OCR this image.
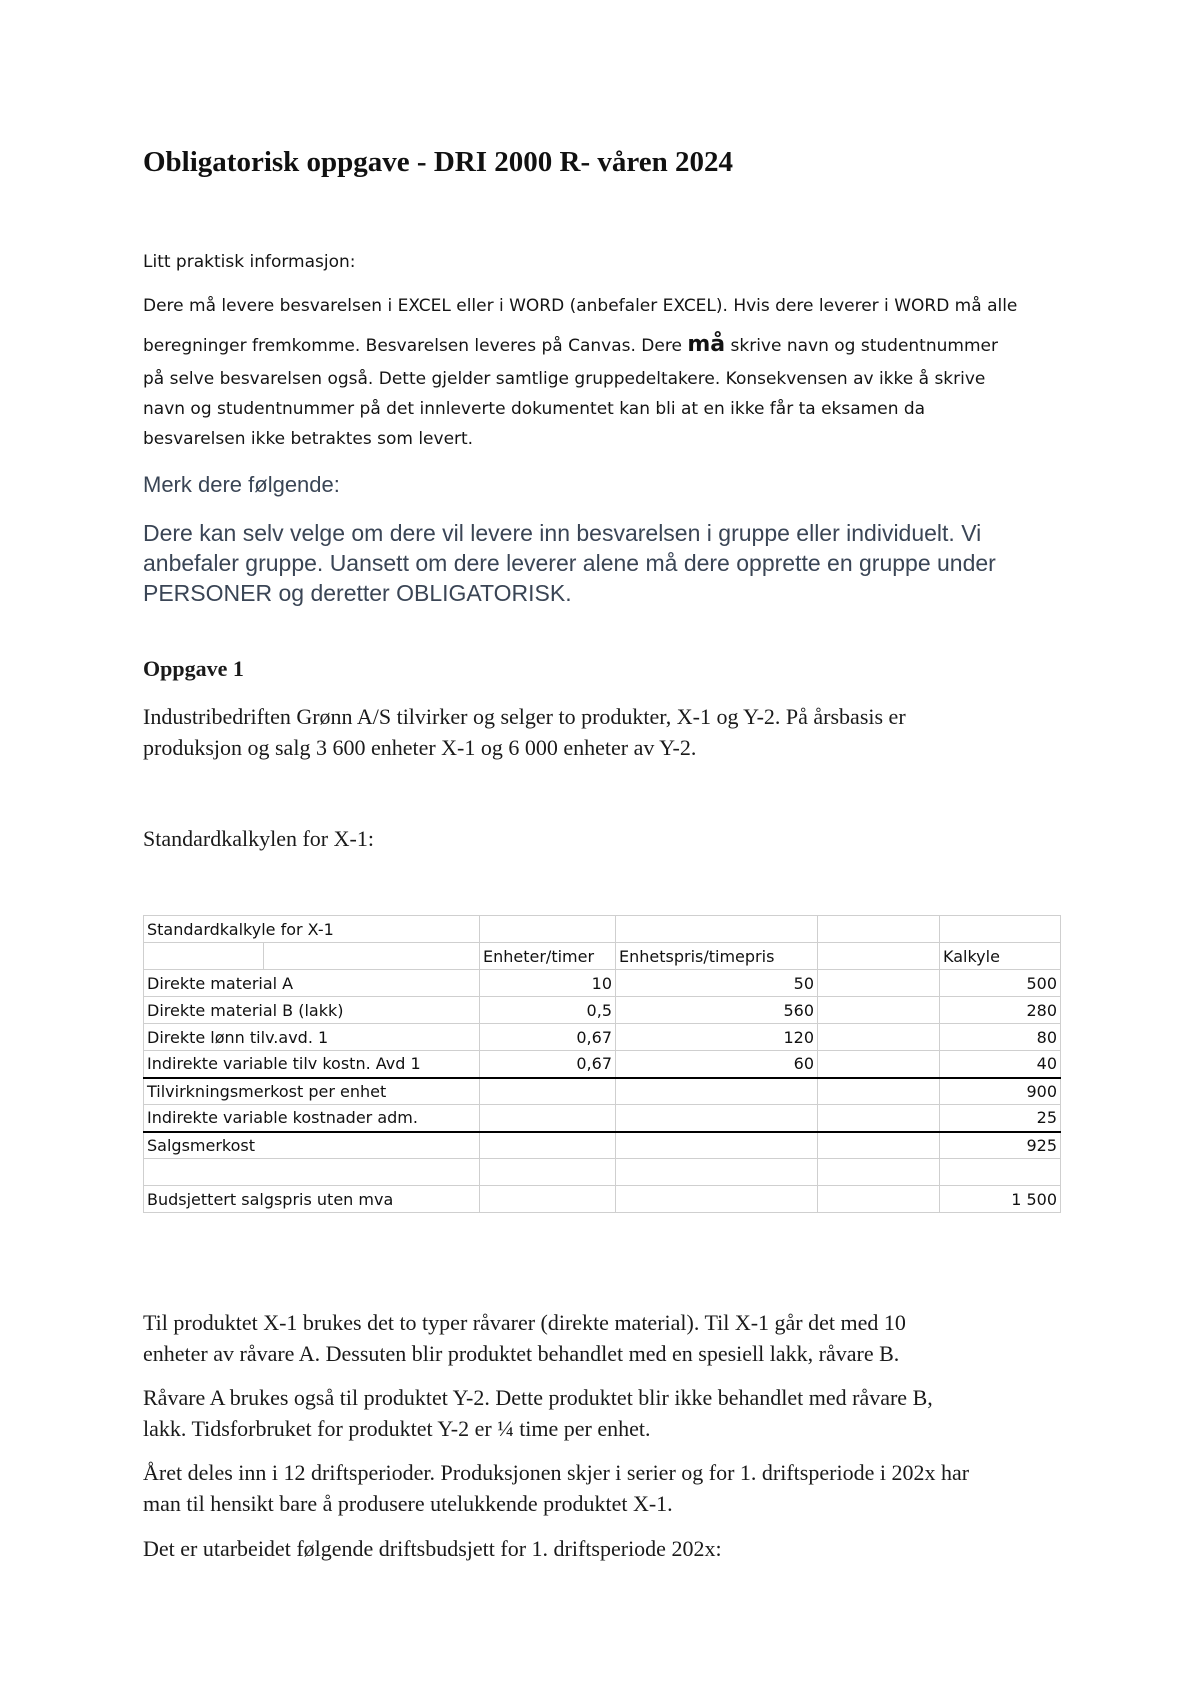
Obligatorisk oppgave - DRI 2000 R- våren 2024
Litt praktisk informasjon:
Dere må levere besvarelsen i EXCEL eller i WORD (anbefaler EXCEL). Hvis dere leverer i WORD må alle
beregninger fremkomme. Besvarelsen leveres på Canvas. Dere må skrive navn og studentnummer
på selve besvarelsen også. Dette gjelder samtlige gruppedeltakere. Konsekvensen av ikke å skrive
navn og studentnummer på det innleverte dokumentet kan bli at en ikke får ta eksamen da
besvarelsen ikke betraktes som levert.
Merk dere følgende:
Dere kan selv velge om dere vil levere inn besvarelsen i gruppe eller individuelt. Vi
anbefaler gruppe. Uansett om dere leverer alene må dere opprette en gruppe under
PERSONER og deretter OBLIGATORISK.
Oppgave 1
Industribedriften Grønn A/S tilvirker og selger to produkter, X-1 og Y-2. På årsbasis er
produksjon og salg 3 600 enheter X-1 og 6 000 enheter av Y-2.
Standardkalkylen for X-1:
Standardkalkyle for X-1					
		Enheter/timer	Enhetspris/timepris		Kalkyle
Direkte material A		10	50		500
Direkte material B (lakk)		0,5	560		280
Direkte lønn tilv.avd. 1		0,67	120		80
Indirekte variable tilv kostn. Avd 1		0,67	60		40
Tilvirkningsmerkost per enhet					900
Indirekte variable kostnader adm.					25
Salgsmerkost					925

Budsjettert salgspris uten mva					1 500
Til produktet X-1 brukes det to typer råvarer (direkte material). Til X-1 går det med 10
enheter av råvare A. Dessuten blir produktet behandlet med en spesiell lakk, råvare B.
Råvare A brukes også til produktet Y-2. Dette produktet blir ikke behandlet med råvare B,
lakk. Tidsforbruket for produktet Y-2 er ¼ time per enhet.
Året deles inn i 12 driftsperioder. Produksjonen skjer i serier og for 1. driftsperiode i 202x har
man til hensikt bare å produsere utelukkende produktet X-1.
Det er utarbeidet følgende driftsbudsjett for 1. driftsperiode 202x:
